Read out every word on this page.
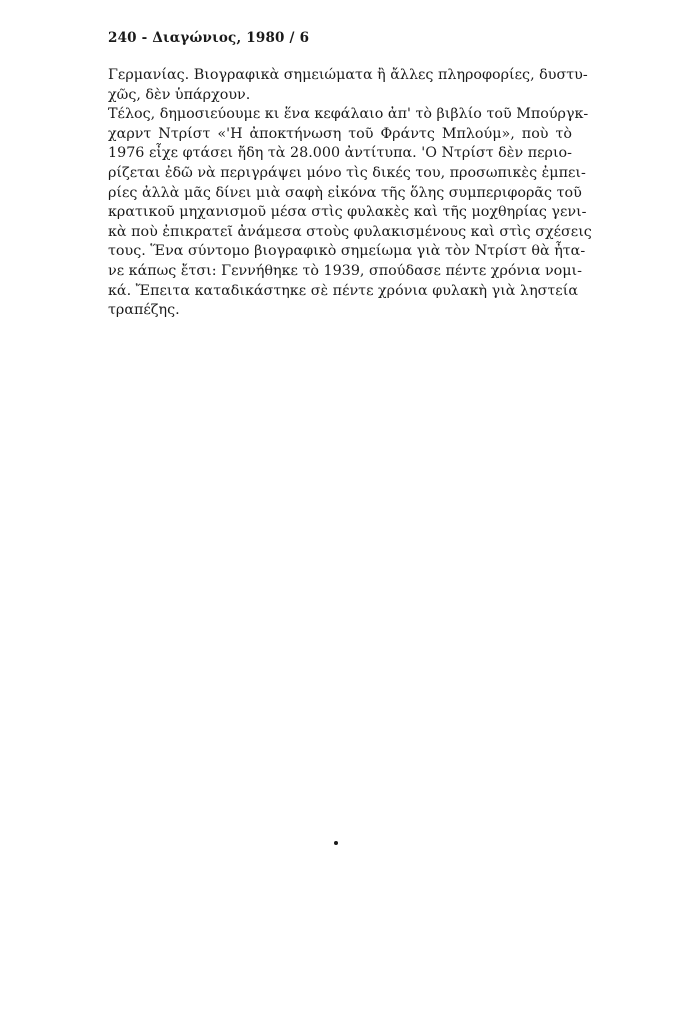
240 - Διαγώνιος, 1980 / 6
Γερμανίας. Βιογραφικὰ σημειώματα ἢ ἄλλες πληροφορίες, δυστυ-
χῶς, δὲν ὑπάρχουν.
Τέλος, δημοσιεύουμε κι ἕνα κεφάλαιο ἀπ' τὸ βιβλίο τοῦ Μπούργκ-
χαρντ Ντρίστ «'Η ἀποκτήνωση τοῦ Φράντς Μπλούμ», ποὺ τὸ
1976 εἶχε φτάσει ἤδη τὰ 28.000 ἀντίτυπα. 'Ο Ντρίστ δὲν περιο-
ρίζεται ἐδῶ νὰ περιγράψει μόνο τὶς δικές του, προσωπικὲς ἐμπει-
ρίες ἀλλὰ μᾶς δίνει μιὰ σαφὴ εἰκόνα τῆς ὅλης συμπεριφορᾶς τοῦ
κρατικοῦ μηχανισμοῦ μέσα στὶς φυλακὲς καὶ τῆς μοχθηρίας γενι-
κὰ ποὺ ἐπικρατεῖ ἀνάμεσα στοὺς φυλακισμένους καὶ στὶς σχέσεις
τους. Ἕνα σύντομο βιογραφικὸ σημείωμα γιὰ τὸν Ντρίστ θὰ ἦτα-
νε κάπως ἔτσι: Γεννήθηκε τὸ 1939, σπούδασε πέντε χρόνια νομι-
κά. Ἔπειτα καταδικάστηκε σὲ πέντε χρόνια φυλακὴ γιὰ ληστεία
τραπέζης.
